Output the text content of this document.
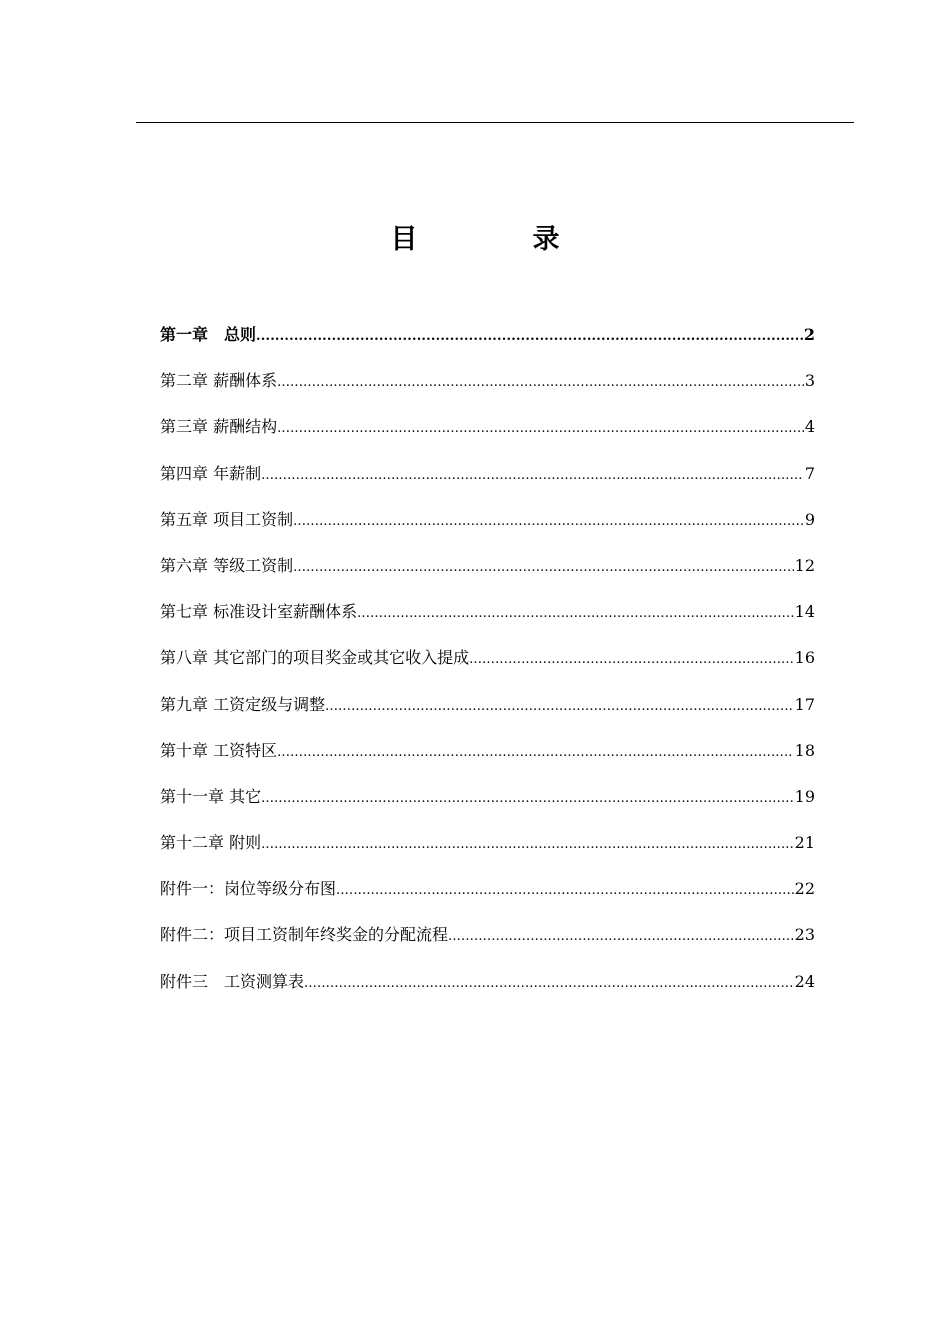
目　录
第一章　总则 .....	2
第二章 薪酬体系 .....	3
第三章 薪酬结构 .....	4
第四章 年薪制 .....	7
第五章 项目工资制 .....	9
第六章 等级工资制 .....	12
第七章 标准设计室薪酬体系 .....	14
第八章 其它部门的项目奖金或其它收入提成 .....	16
第九章 工资定级与调整 .....	17
第十章 工资特区 .....	18
第十一章 其它 .....	19
第十二章 附则 .....	21
附件一：岗位等级分布图 .....	22
附件二：项目工资制年终奖金的分配流程 .....	23
附件三　工资测算表 .....	24
